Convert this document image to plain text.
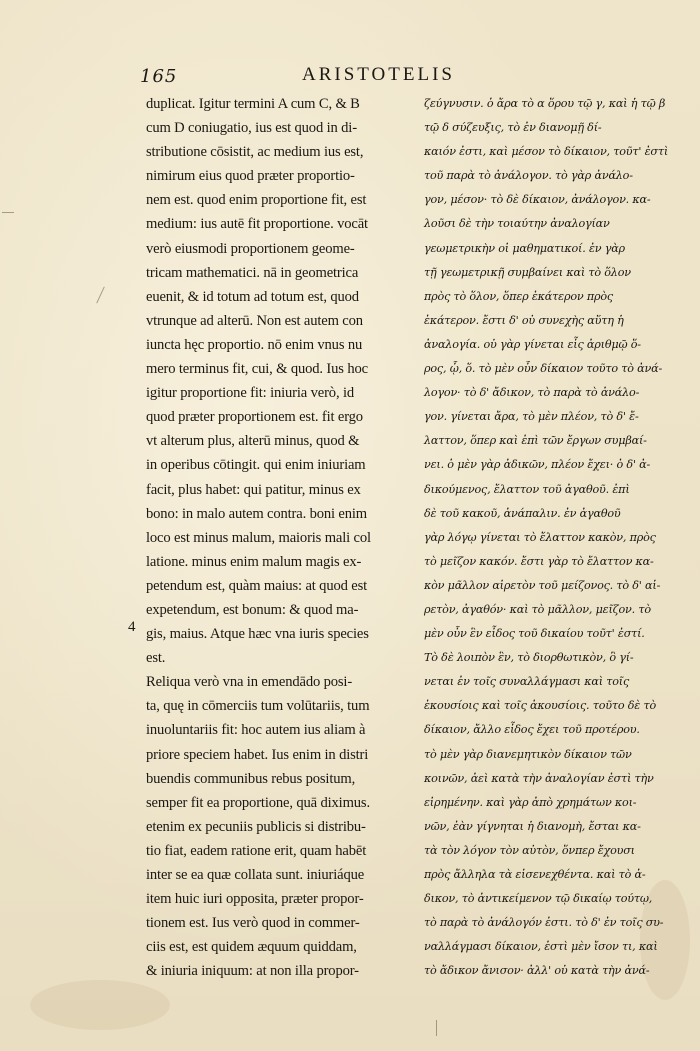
165	ARISTOTELIS
4
duplicat. Igitur termini A cum C, & B
cum D coniugatio, ius est quod in di-
stributione cōsistit, ac medium ius est,
nimirum eius quod præter proportio-
nem est. quod enim proportione fit, est
medium: ius autē fit proportione. vocāt
verò eiusmodi proportionem geome-
tricam mathematici. nā in geometrica
euenit, & id totum ad totum est, quod
vtrunque ad alterū. Non est autem con
iuncta hęc proportio. nō enim vnus nu
mero terminus fit, cui, & quod. Ius hoc
igitur proportione fit: iniuria verò, id
quod præter proportionem est. fit ergo
vt alterum plus, alterū minus, quod &
in operibus cōtingit. qui enim iniuriam
facit, plus habet: qui patitur, minus ex
bono: in malo autem contra. boni enim
loco est minus malum, maioris mali col
latione. minus enim malum magis ex-
petendum est, quàm maius: at quod est
expetendum, est bonum: & quod ma-
gis, maius. Atque hæc vna iuris species
est.
Reliqua verò vna in emendādo posi-
ta, quę in cōmerciis tum volūtariis, tum
inuoluntariis fit: hoc autem ius aliam à
priore speciem habet. Ius enim in distri
buendis communibus rebus positum,
semper fit ea proportione, quā diximus.
etenim ex pecuniis publicis si distribu-
tio fiat, eadem ratione erit, quam habēt
inter se ea quæ collata sunt. iniuriáque
item huic iuri opposita, præter propor-
tionem est. Ius verò quod in commer-
ciis est, est quidem æquum quiddam,
& iniuria iniquum: at non illa propor-
ζεύγνυσιν. ὁ ἄρα τὸ α ὅρου τῷ γ, καὶ ἡ τῷ β
τῷ δ σύζευξις, τὸ ἐν διανομῇ δί-
καιόν ἐστι, καὶ μέσον τὸ δίκαιον, τοῦτ' ἐστὶ
τοῦ παρὰ τὸ ἀνάλογον. τὸ γὰρ ἀνάλο-
γον, μέσον· τὸ δὲ δίκαιον, ἀνάλογον. κα-
λοῦσι δὲ τὴν τοιαύτην ἀναλογίαν
γεωμετρικὴν οἱ μαθηματικοί. ἐν γὰρ
τῇ γεωμετρικῇ συμβαίνει καὶ τὸ ὅλον
πρὸς τὸ ὅλον, ὅπερ ἑκάτερον πρὸς
ἑκάτερον. ἔστι δ' οὐ συνεχὴς αὕτη ἡ
ἀναλογία. οὐ γὰρ γίνεται εἷς ἀριθμῷ ὅ-
ρος, ᾧ, ὅ. τὸ μὲν οὖν δίκαιον τοῦτο τὸ ἀνά-
λογον· τὸ δ' ἄδικον, τὸ παρὰ τὸ ἀνάλο-
γον. γίνεται ἄρα, τὸ μὲν πλέον, τὸ δ' ἔ-
λαττον, ὅπερ καὶ ἐπὶ τῶν ἔργων συμβαί-
νει. ὁ μὲν γὰρ ἀδικῶν, πλέον ἔχει· ὁ δ' ἀ-
δικούμενος, ἔλαττον τοῦ ἀγαθοῦ. ἐπὶ
δὲ τοῦ κακοῦ, ἀνάπαλιν. ἐν ἀγαθοῦ
γὰρ λόγῳ γίνεται τὸ ἔλαττον κακὸν, πρὸς
τὸ μεῖζον κακόν. ἔστι γὰρ τὸ ἔλαττον κα-
κὸν μᾶλλον αἱρετὸν τοῦ μείζονος. τὸ δ' αἱ-
ρετὸν, ἀγαθόν· καὶ τὸ μᾶλλον, μεῖζον. τὸ
μὲν οὖν ἓν εἶδος τοῦ δικαίου τοῦτ' ἐστί.
Τὸ δὲ λοιπὸν ἓν, τὸ διορθωτικὸν, ὃ γί-
νεται ἐν τοῖς συναλλάγμασι καὶ τοῖς
ἑκουσίοις καὶ τοῖς ἀκουσίοις. τοῦτο δὲ τὸ
δίκαιον, ἄλλο εἶδος ἔχει τοῦ προτέρου.
τὸ μὲν γὰρ διανεμητικὸν δίκαιον τῶν
κοινῶν, ἀεὶ κατὰ τὴν ἀναλογίαν ἐστὶ τὴν
εἰρημένην. καὶ γὰρ ἀπὸ χρημάτων κοι-
νῶν, ἐὰν γίγνηται ἡ διανομὴ, ἔσται κα-
τὰ τὸν λόγον τὸν αὐτὸν, ὅνπερ ἔχουσι
πρὸς ἄλληλα τὰ εἰσενεχθέντα. καὶ τὸ ἀ-
δικον, τὸ ἀντικείμενον τῷ δικαίῳ τούτῳ,
τὸ παρὰ τὸ ἀνάλογόν ἐστι. τὸ δ' ἐν τοῖς συ-
ναλλάγμασι δίκαιον, ἐστὶ μὲν ἴσον τι, καὶ
τὸ ἄδικον ἄνισον· ἀλλ' οὐ κατὰ τὴν ἀνά-
